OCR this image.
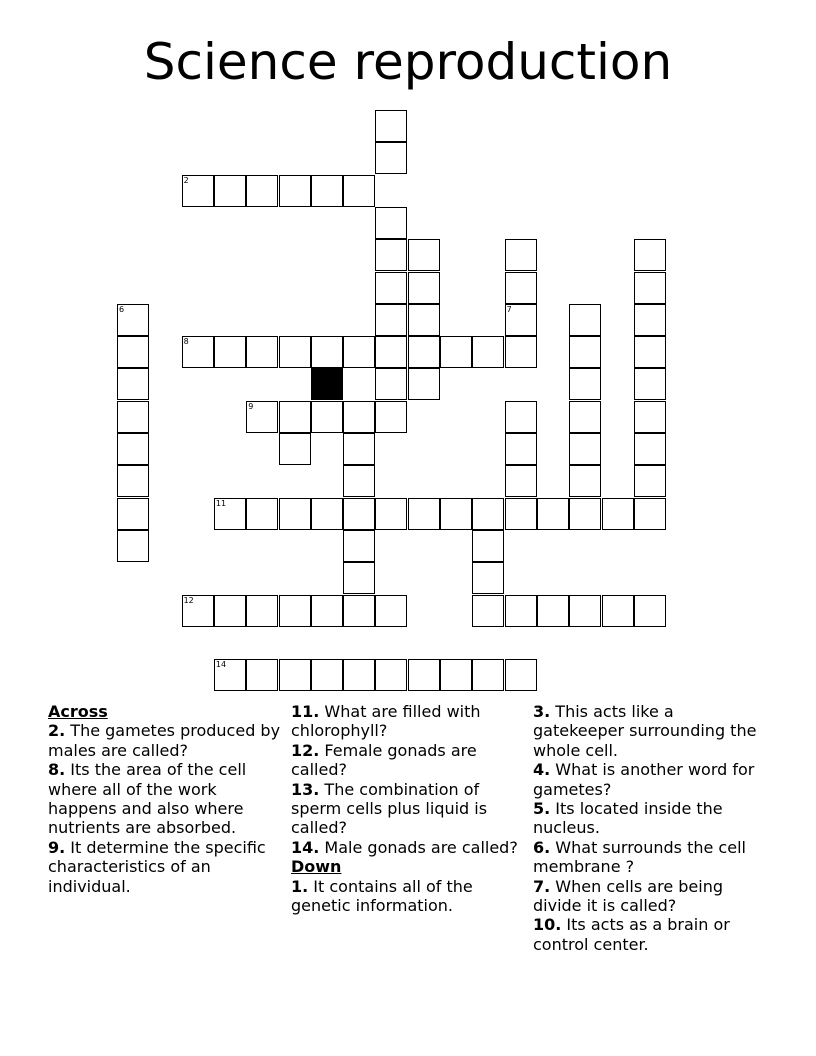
Science reproduction
2
6	7
8
9
11
12
14
Across
2. The gametes produced by males are called?
8. Its the area of the cell where all of the work happens and also where nutrients are absorbed.
9. It determine the specific characteristics of an individual.
11. What are filled with chlorophyll?
12. Female gonads are called?
13. The combination of sperm cells plus liquid is called?
14. Male gonads are called?
Down
1. It contains all of the genetic information.
3. This acts like a gatekeeper surrounding the whole cell.
4. What is another word for gametes?
5. Its located inside the nucleus.
6. What surrounds the cell membrane ?
7. When cells are being divide it is called?
10. Its acts as a brain or control center.
